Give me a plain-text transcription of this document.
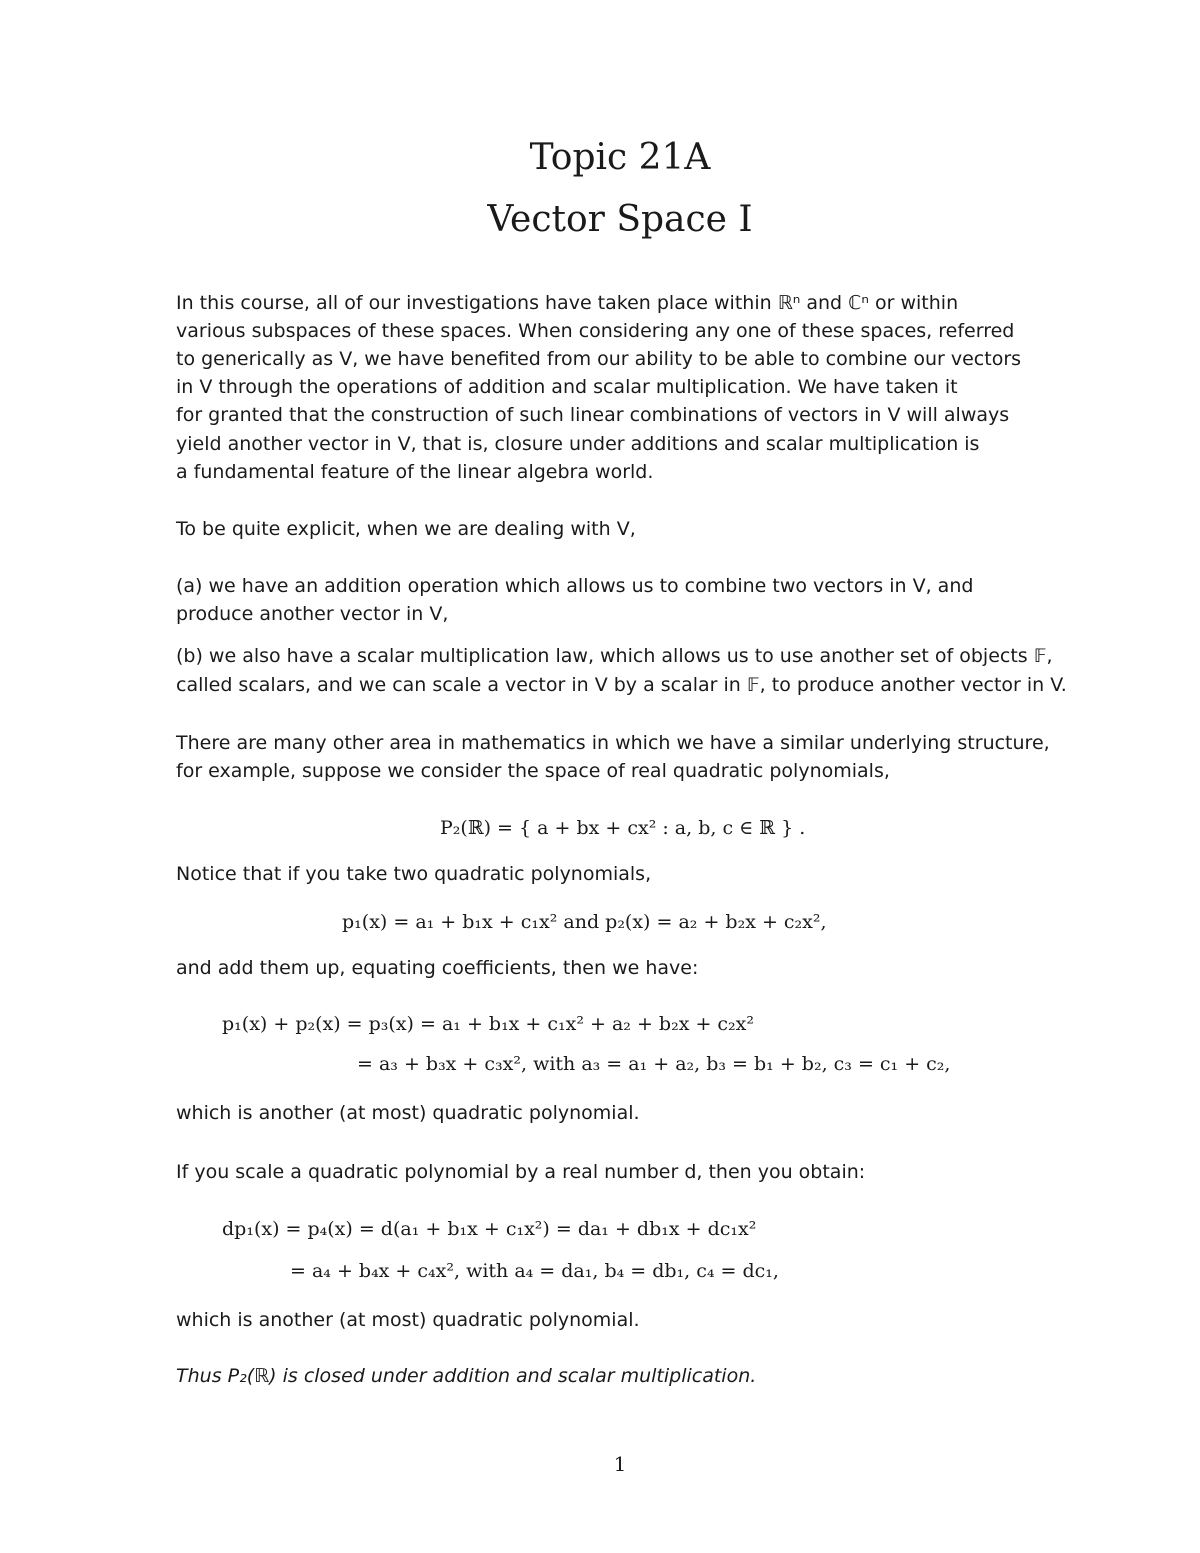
Topic 21A
Vector Space I
In this course, all of our investigations have taken place within ℝⁿ and ℂⁿ or within
various subspaces of these spaces. When considering any one of these spaces, referred
to generically as V, we have benefited from our ability to be able to combine our vectors
in V through the operations of addition and scalar multiplication. We have taken it
for granted that the construction of such linear combinations of vectors in V will always
yield another vector in V, that is, closure under additions and scalar multiplication is
a fundamental feature of the linear algebra world.
To be quite explicit, when we are dealing with V,
(a) we have an addition operation which allows us to combine two vectors in V, and
produce another vector in V,
(b) we also have a scalar multiplication law, which allows us to use another set of objects 𝔽,
called scalars, and we can scale a vector in V by a scalar in 𝔽, to produce another vector in V.
There are many other area in mathematics in which we have a similar underlying structure,
for example, suppose we consider the space of real quadratic polynomials,
P₂(ℝ) = { a + bx + cx² : a, b, c ∈ ℝ } .
Notice that if you take two quadratic polynomials,
p₁(x) = a₁ + b₁x + c₁x² and p₂(x) = a₂ + b₂x + c₂x²,
and add them up, equating coefficients, then we have:
p₁(x) + p₂(x) = p₃(x) = a₁ + b₁x + c₁x² + a₂ + b₂x + c₂x²
= a₃ + b₃x + c₃x², with a₃ = a₁ + a₂, b₃ = b₁ + b₂, c₃ = c₁ + c₂,
which is another (at most) quadratic polynomial.
If you scale a quadratic polynomial by a real number d, then you obtain:
dp₁(x) = p₄(x) = d(a₁ + b₁x + c₁x²) = da₁ + db₁x + dc₁x²
= a₄ + b₄x + c₄x², with a₄ = da₁, b₄ = db₁, c₄ = dc₁,
which is another (at most) quadratic polynomial.
Thus P₂(ℝ) is closed under addition and scalar multiplication.
1
